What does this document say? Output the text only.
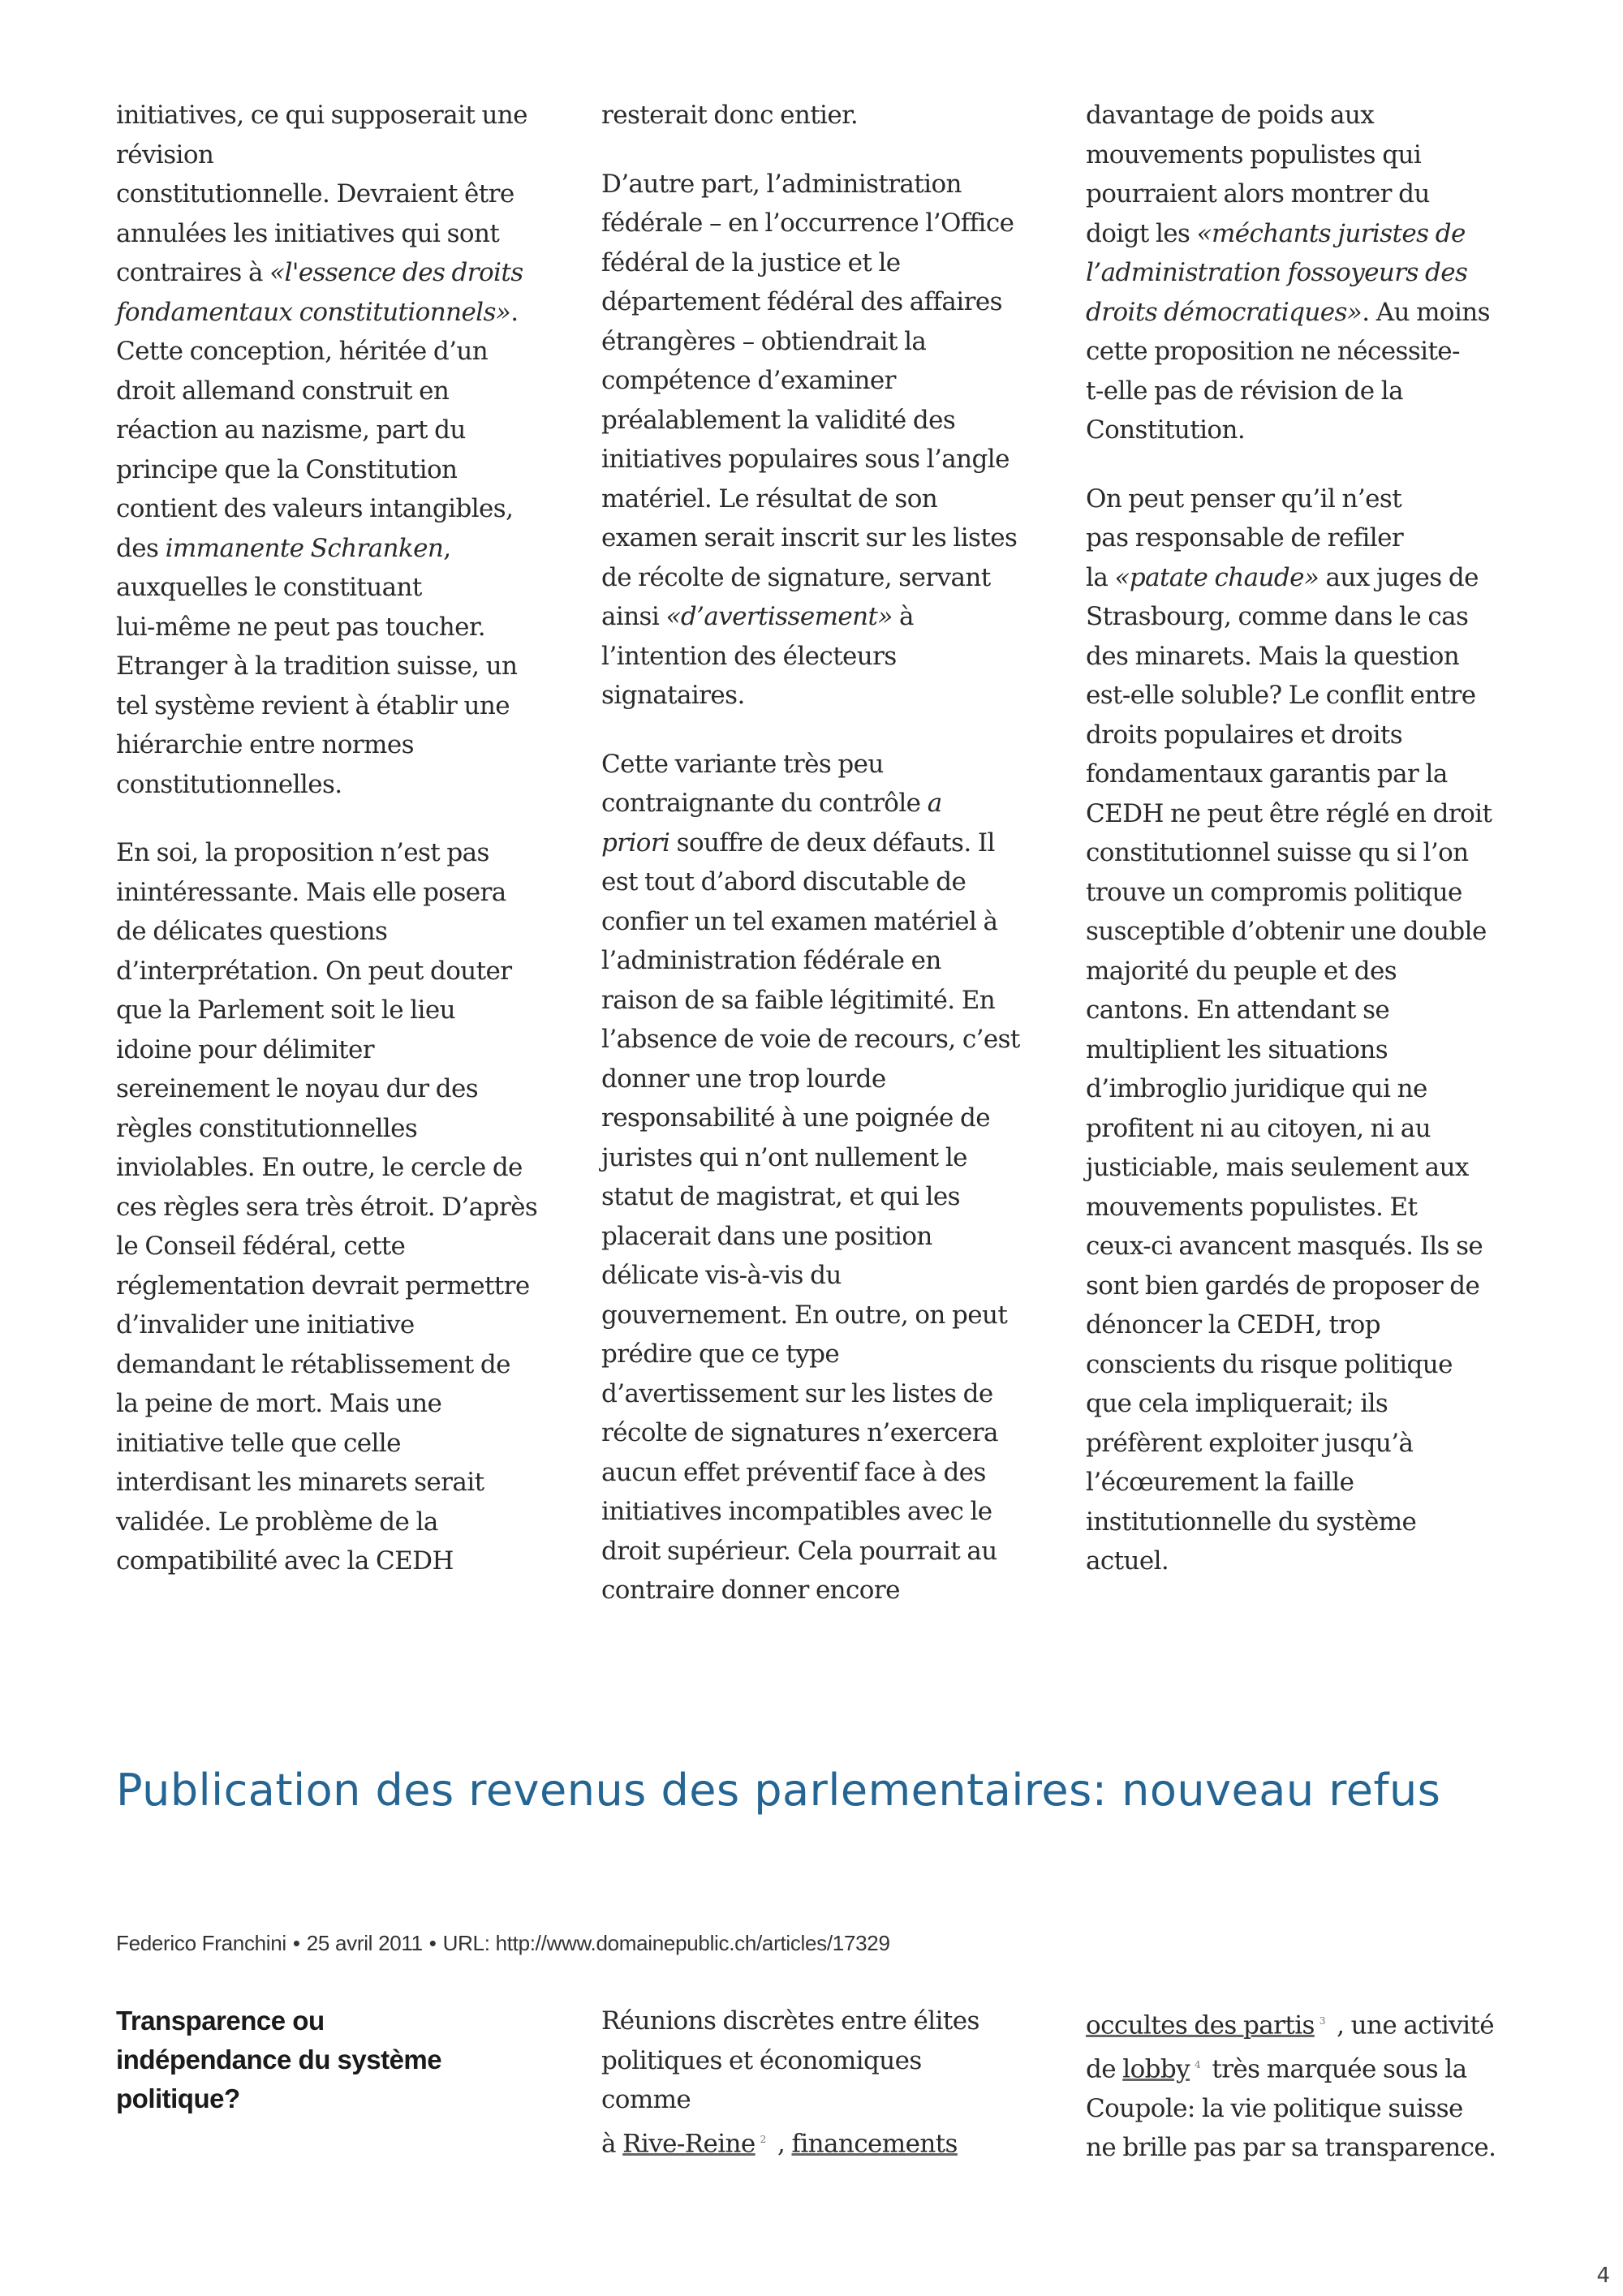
initiatives, ce qui supposerait une
révision
constitutionnelle. Devraient être
annulées les initiatives qui sont
contraires à «l'essence des droits
fondamentaux constitutionnels».
Cette conception, héritée d’un
droit allemand construit en
réaction au nazisme, part du
principe que la Constitution
contient des valeurs intangibles,
des immanente Schranken,
auxquelles le constituant
lui-même ne peut pas toucher.
Etranger à la tradition suisse, un
tel système revient à établir une
hiérarchie entre normes
constitutionnelles.

En soi, la proposition n’est pas
inintéressante. Mais elle posera
de délicates questions
d’interprétation. On peut douter
que la Parlement soit le lieu
idoine pour délimiter
sereinement le noyau dur des
règles constitutionnelles
inviolables. En outre, le cercle de
ces règles sera très étroit. D’après
le Conseil fédéral, cette
réglementation devrait permettre
d’invalider une initiative
demandant le rétablissement de
la peine de mort. Mais une
initiative telle que celle
interdisant les minarets serait
validée. Le problème de la
compatibilité avec la CEDH

resterait donc entier.

D’autre part, l’administration
fédérale – en l’occurrence l’Office
fédéral de la justice et le
département fédéral des affaires
étrangères – obtiendrait la
compétence d’examiner
préalablement la validité des
initiatives populaires sous l’angle
matériel. Le résultat de son
examen serait inscrit sur les listes
de récolte de signature, servant
ainsi «d’avertissement» à
l’intention des électeurs
signataires.

Cette variante très peu
contraignante du contrôle a
priori souffre de deux défauts. Il
est tout d’abord discutable de
confier un tel examen matériel à
l’administration fédérale en
raison de sa faible légitimité. En
l’absence de voie de recours, c’est
donner une trop lourde
responsabilité à une poignée de
juristes qui n’ont nullement le
statut de magistrat, et qui les
placerait dans une position
délicate vis-à-vis du
gouvernement. En outre, on peut
prédire que ce type
d’avertissement sur les listes de
récolte de signatures n’exercera
aucun effet préventif face à des
initiatives incompatibles avec le
droit supérieur. Cela pourrait au
contraire donner encore

davantage de poids aux
mouvements populistes qui
pourraient alors montrer du
doigt les «méchants juristes de
l’administration fossoyeurs des
droits démocratiques». Au moins
cette proposition ne nécessite-
t-elle pas de révision de la
Constitution.

On peut penser qu’il n’est
pas responsable de refiler
la «patate chaude» aux juges de
Strasbourg, comme dans le cas
des minarets. Mais la question
est-elle soluble? Le conflit entre
droits populaires et droits
fondamentaux garantis par la
CEDH ne peut être réglé en droit
constitutionnel suisse qu si l’on
trouve un compromis politique
susceptible d’obtenir une double
majorité du peuple et des
cantons. En attendant se
multiplient les situations
d’imbroglio juridique qui ne
profitent ni au citoyen, ni au
justiciable, mais seulement aux
mouvements populistes. Et
ceux-ci avancent masqués. Ils se
sont bien gardés de proposer de
dénoncer la CEDH, trop
conscients du risque politique
que cela impliquerait; ils
préfèrent exploiter jusqu’à
l’écœurement la faille
institutionnelle du système
actuel.

Publication des revenus des parlementaires: nouveau refus
Federico Franchini • 25 avril 2011 • URL: http://www.domainepublic.ch/articles/17329
Transparence ou
indépendance du système
politique?

Réunions discrètes entre élites
politiques et économiques
comme
à Rive-Reine $^2$ , financements

occultes des partis $^3$ , une activité
de lobby $^4$ très marquée sous la
Coupole: la vie politique suisse
ne brille pas par sa transparence.

4
